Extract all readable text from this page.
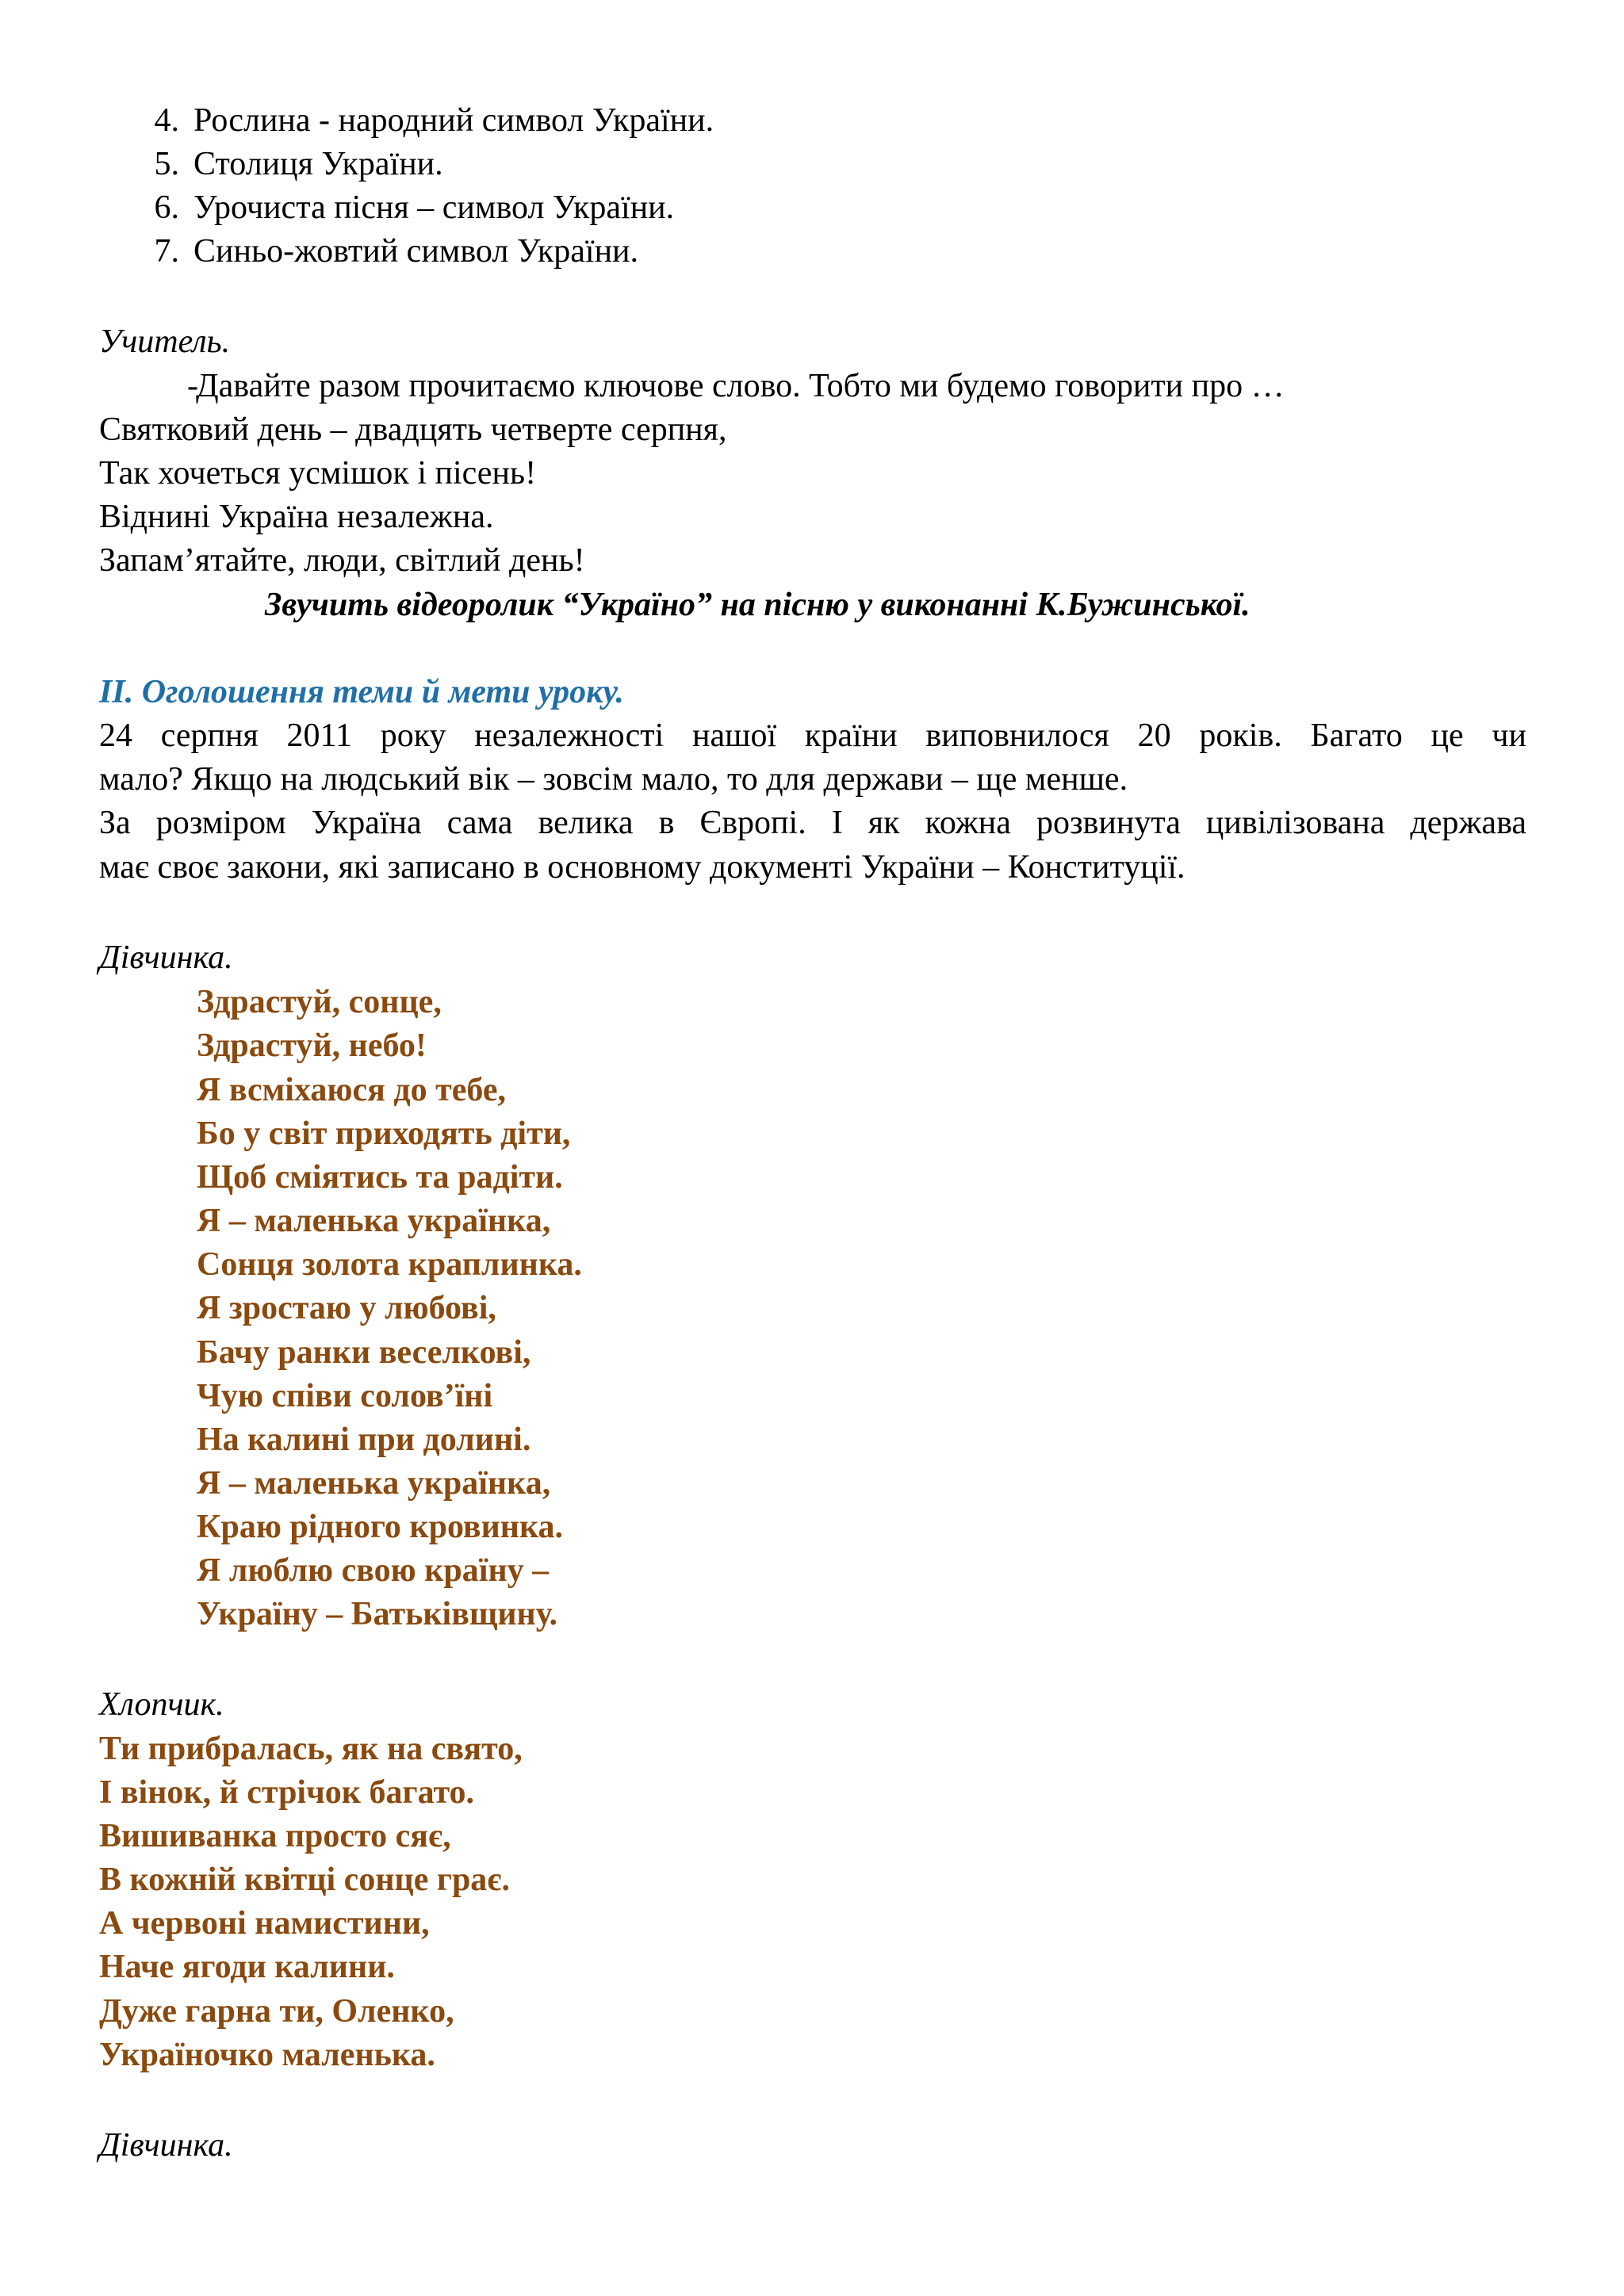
4. Рослина - народний символ України.
5. Столиця України.
6. Урочиста пісня – символ України.
7. Синьо-жовтий символ України.
Учитель.
-
Давайте разом прочитаємо ключове слово. Тобто ми будемо говорити про …
Святковий день – двадцять четверте серпня,
Так хочеться усмішок і пісень!
Віднині Україна незалежна.
Запам’ятайте, люди, світлий день!
Звучить відеоролик “Україно” на пісню у виконанні К.Бужинської.
ІІ. Оголошення теми й мети уроку.
24 серпня 2011 року незалежності нашої країни виповнилося 20 років. Багато це чи
мало? Якщо на людський вік – зовсім мало, то для держави – ще менше.
За розміром Україна сама велика в Європі. І як кожна розвинута цивілізована держава
має своє закони, які записано в основному документі України – Конституції.
Дівчинка.
Здрастуй, сонце,
Здрастуй, небо!
Я всміхаюся до тебе,
Бо у світ приходять діти,
Щоб сміятись та радіти.
Я – маленька українка,
Сонця золота краплинка.
Я зростаю у любові,
Бачу ранки веселкові,
Чую співи солов’їні
На калині при долині.
Я – маленька українка,
Краю рідного кровинка.
Я люблю свою країну –
Україну – Батьківщину.
Хлопчик.
Ти прибралась, як на свято,
І вінок, й стрічок багато.
Вишиванка просто сяє,
В кожній квітці сонце грає.
А червоні намистини,
Наче ягоди калини.
Дуже гарна ти, Оленко,
Україночко маленька.
Дівчинка.
